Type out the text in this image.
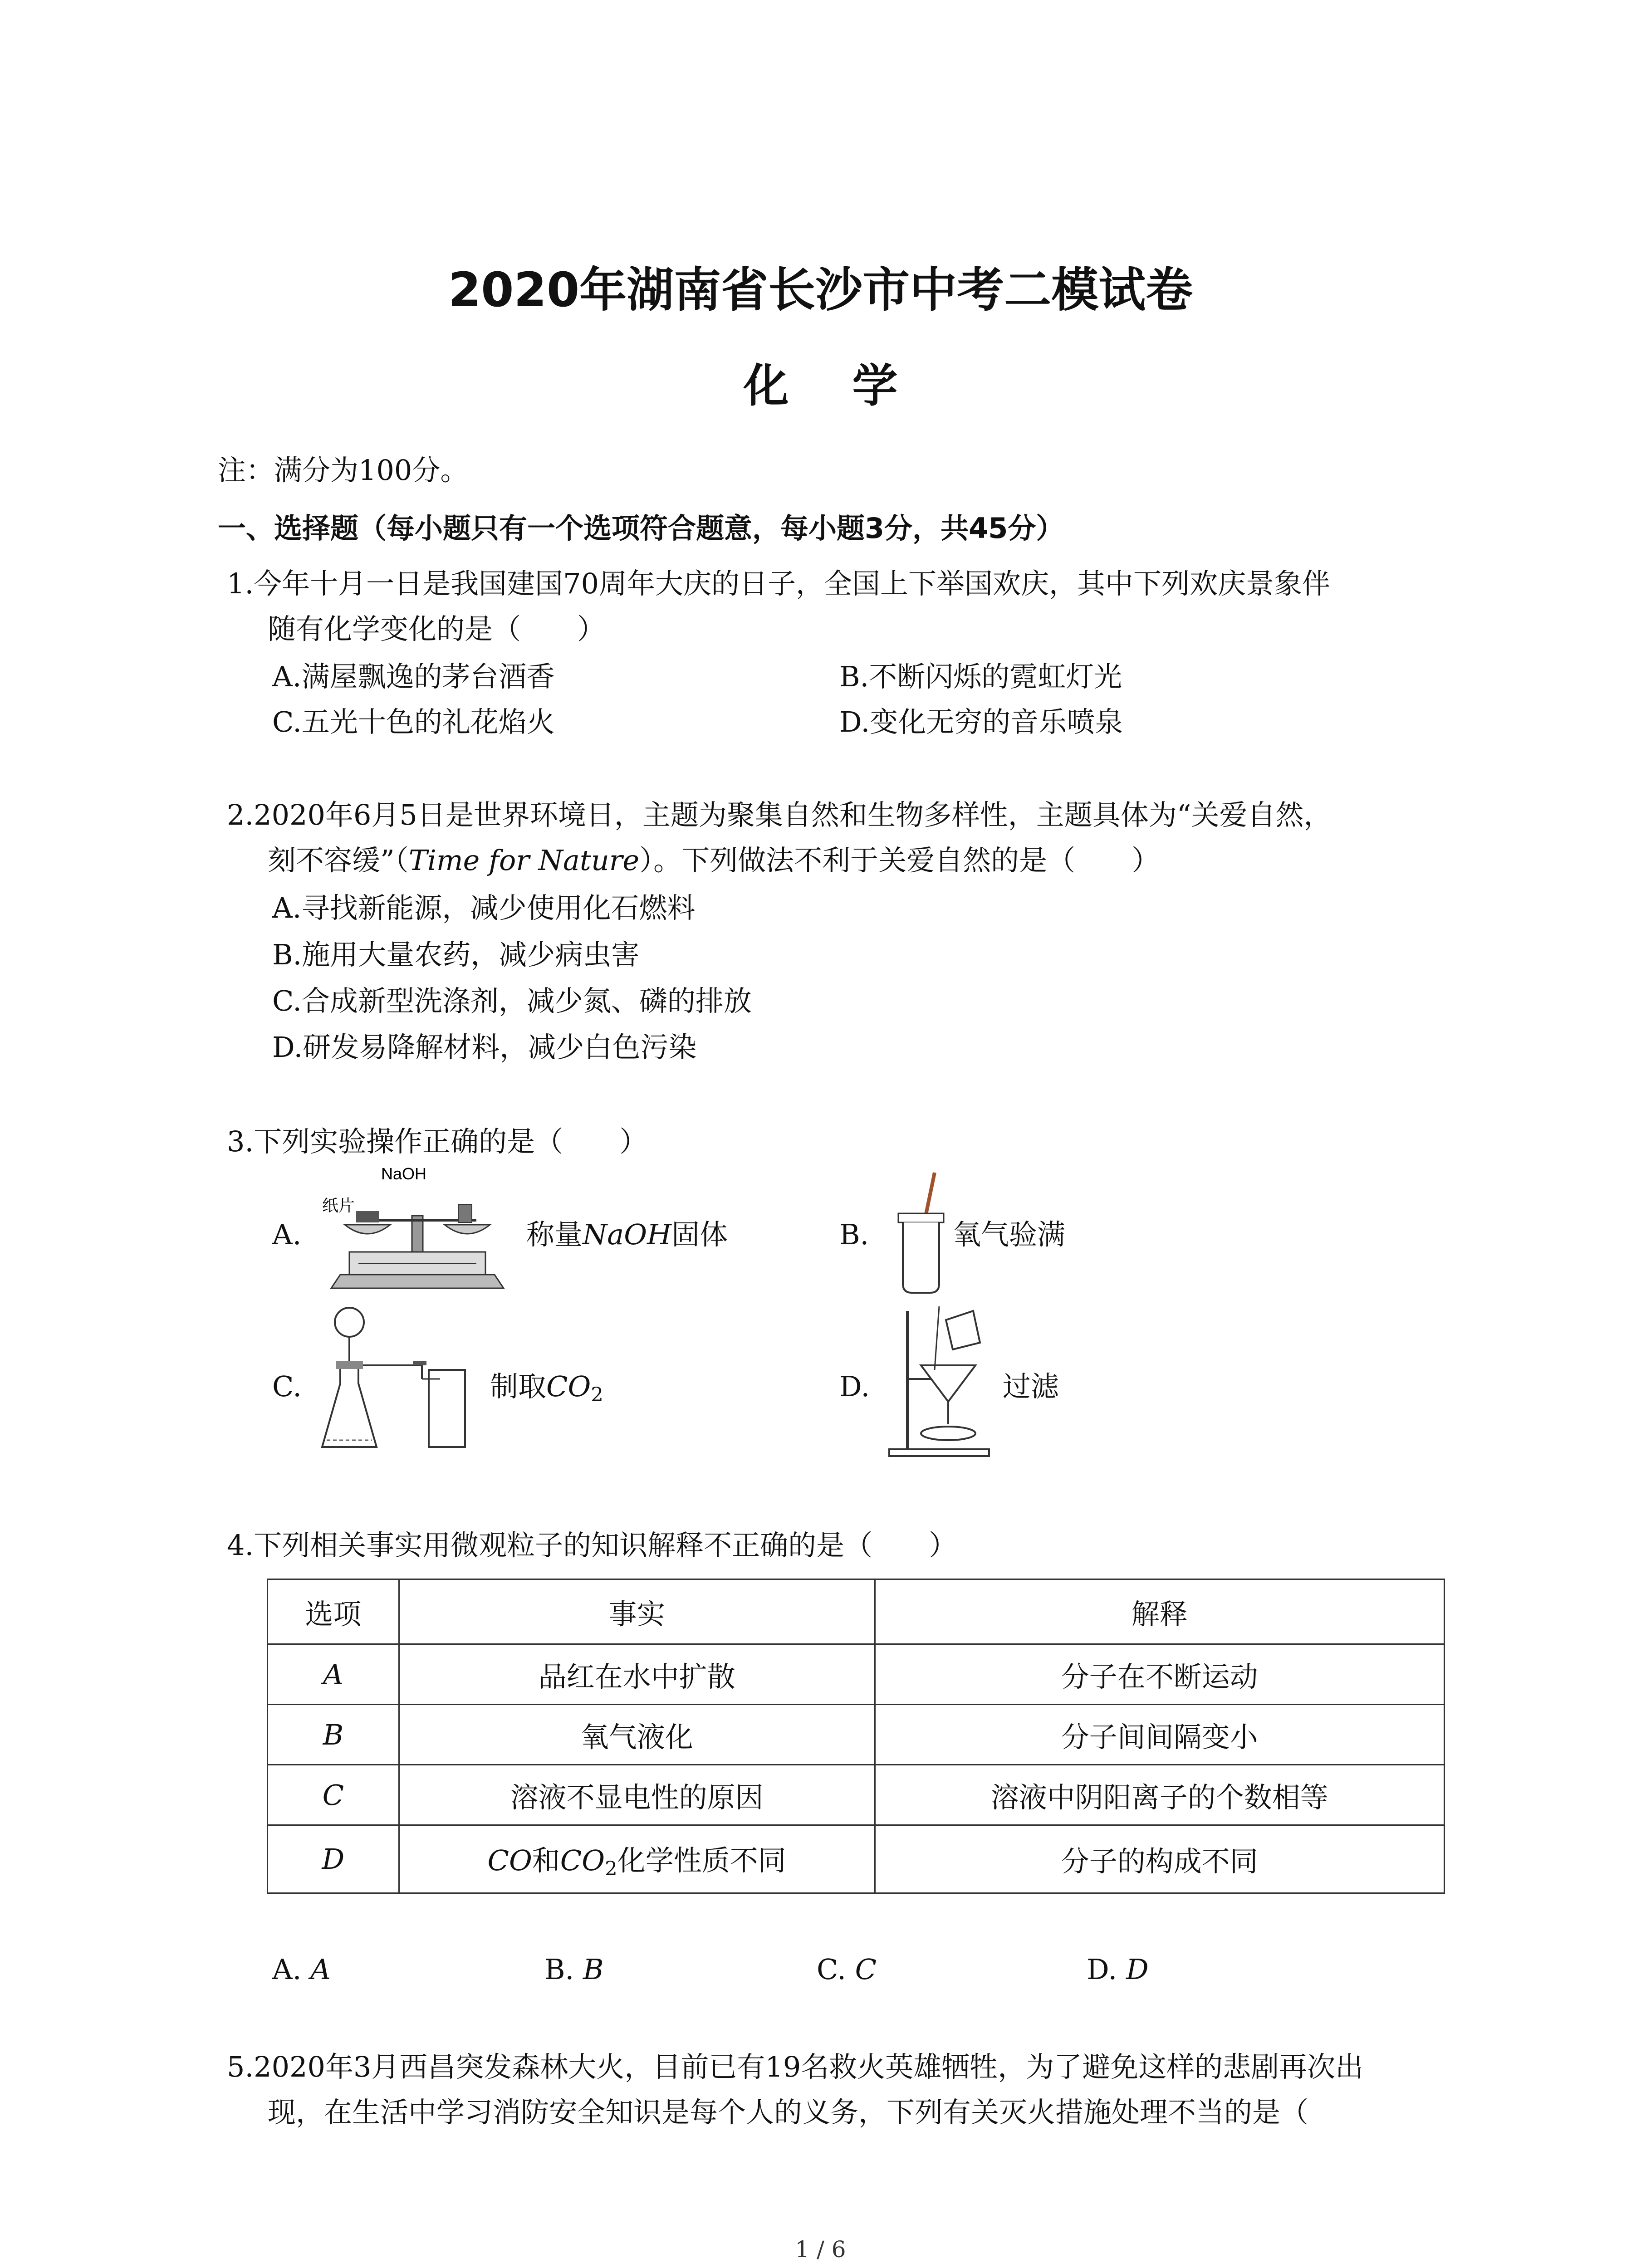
2020年湖南省长沙市中考二模试卷
化学
注：满分为100分。
一、选择题（每小题只有一个选项符合题意，每小题3分，共45分）
1.今年十月一日是我国建国70周年大庆的日子，全国上下举国欢庆，其中下列欢庆景象伴
随有化学变化的是（　　）
A.满屋飘逸的茅台酒香	B.不断闪烁的霓虹灯光
C.五光十色的礼花焰火	D.变化无穷的音乐喷泉
2.2020年6月5日是世界环境日，主题为聚集自然和生物多样性，主题具体为“关爱自然，
刻不容缓”（Time for Nature）。下列做法不利于关爱自然的是（　　）
A.寻找新能源，减少使用化石燃料
B.施用大量农药，减少病虫害
C.合成新型洗涤剂，减少氮、磷的排放
D.研发易降解材料，减少白色污染
3.下列实验操作正确的是（　　）
A.
NaOH
纸片
称量NaOH固体	B.	氧气验满
C.	制取$CO_2$	D.	过滤
4.下列相关事实用微观粒子的知识解释不正确的是（　　）
选项	事实	解释
A	品红在水中扩散	分子在不断运动
B	氧气液化	分子间间隔变小
C	溶液不显电性的原因	溶液中阴阳离子的个数相等
D	CO和$CO_2$化学性质不同	分子的构成不同
A. A	B. B	C. C	D. D
5.2020年3月西昌突发森林大火，目前已有19名救火英雄牺牲，为了避免这样的悲剧再次出
现，在生活中学习消防安全知识是每个人的义务，下列有关灭火措施处理不当的是（
1 / 6
